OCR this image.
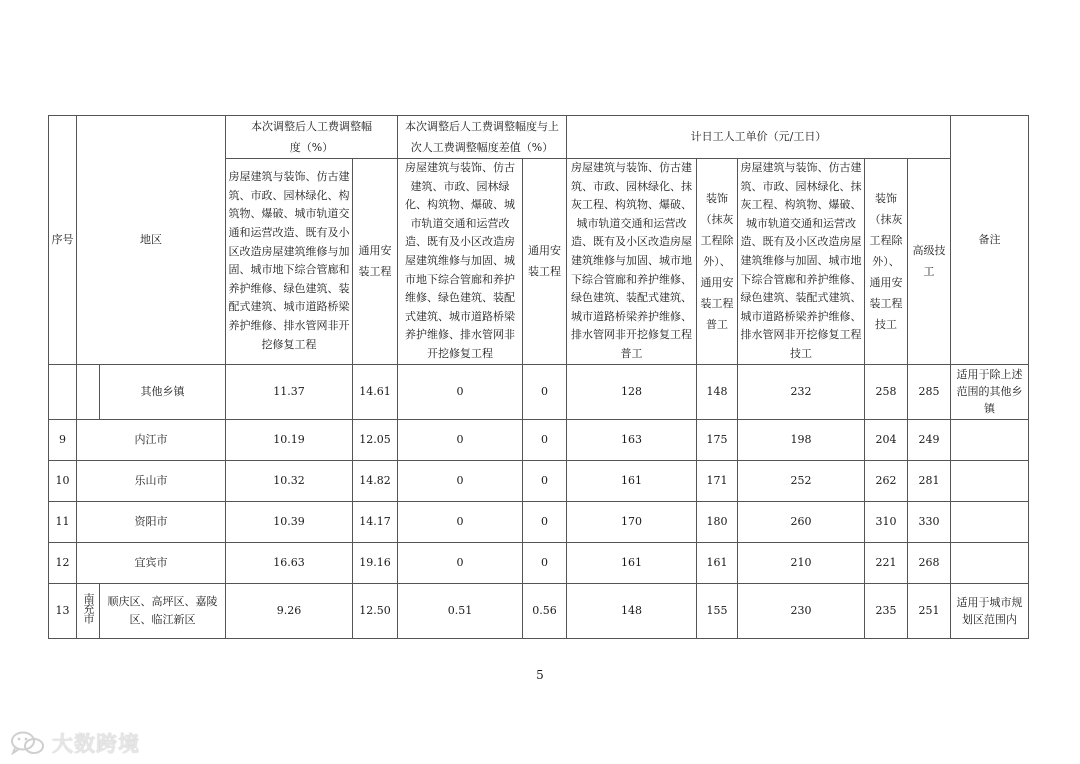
序号	地区		本次调整后人工费调整幅度（%）		本次调整后人工费调整幅度与上次人工费调整幅度差值（%）		计日工人工单价（元/工日）					备注
			房屋建筑与装饰、仿古建筑、市政、园林绿化、构筑物、爆破、城市轨道交通和运营改造、既有及小区改造房屋建筑维修与加固、城市地下综合管廊和养护维修、绿色建筑、装配式建筑、城市道路桥梁养护维修、排水管网非开挖修复工程	通用安装工程	房屋建筑与装饰、仿古建筑、市政、园林绿化、构筑物、爆破、城市轨道交通和运营改造、既有及小区改造房屋建筑维修与加固、城市地下综合管廊和养护维修、绿色建筑、装配式建筑、城市道路桥梁养护维修、排水管网非开挖修复工程	通用安装工程	房屋建筑与装饰、仿古建筑、市政、园林绿化、抹灰工程、构筑物、爆破、城市轨道交通和运营改造、既有及小区改造房屋建筑维修与加固、城市地下综合管廊和养护维修、绿色建筑、装配式建筑、城市道路桥梁养护维修、排水管网非开挖修复工程普工	装饰（抹灰工程除外）、通用安装工程普工	房屋建筑与装饰、仿古建筑、市政、园林绿化、抹灰工程、构筑物、爆破、城市轨道交通和运营改造、既有及小区改造房屋建筑维修与加固、城市地下综合管廊和养护维修、绿色建筑、装配式建筑、城市道路桥梁养护维修、排水管网非开挖修复工程技工	装饰（抹灰工程除外）、通用安装工程技工	高级技工	
		其他乡镇	11.37	14.61	0	0	128	148	232	258	285	适用于除上述范围的其他乡镇
9	内江市		10.19	12.05	0	0	163	175	198	204	249	
10	乐山市		10.32	14.82	0	0	161	171	252	262	281	
11	资阳市		10.39	14.17	0	0	170	180	260	310	330	
12	宜宾市		16.63	19.16	0	0	161	161	210	221	268	
13	南充市	顺庆区、高坪区、嘉陵区、临江新区	9.26	12.50	0.51	0.56	148	155	230	235	251	适用于城市规划区范围内
5
大数跨境
